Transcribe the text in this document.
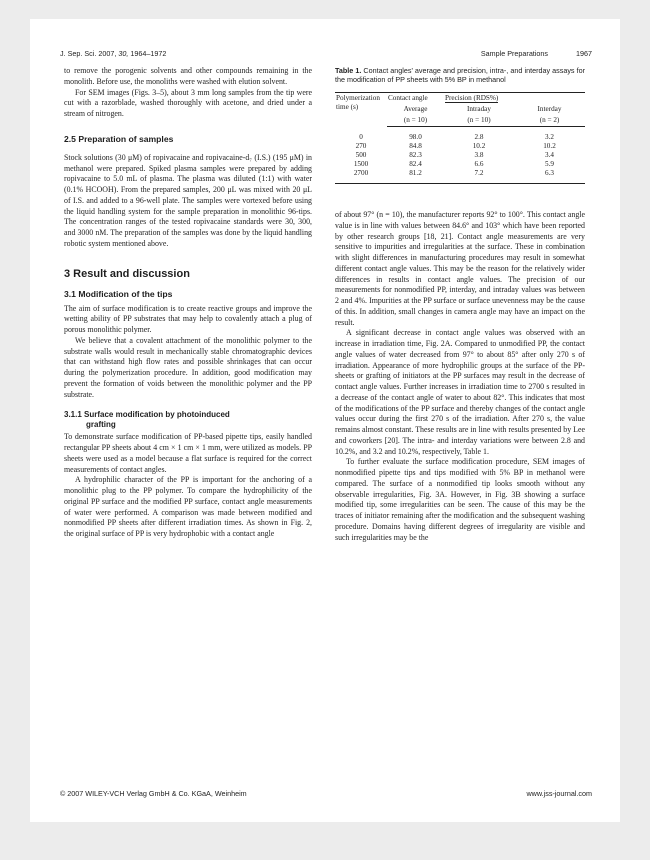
J. Sep. Sci. 2007, 30, 1964–1972	Sample Preparations	1967

to remove the porogenic solvents and other compounds remaining in the monolith. Before use, the monoliths were washed with elution solvent.

For SEM images (Figs. 3–5), about 3 mm long samples from the tip were cut with a razorblade, washed thoroughly with acetone, and dried under a stream of nitrogen.

2.5 Preparation of samples

Stock solutions (30 μM) of ropivacaine and ropivacaine-d₇ (I.S.) (195 μM) in methanol were prepared. Spiked plasma samples were prepared by adding ropivacaine to 5.0 mL of plasma. The plasma was diluted (1:1) with water (0.1% HCOOH). From the prepared samples, 200 μL was mixed with 20 μL of I.S. and added to a 96-well plate. The samples were vortexed before using the liquid handling system for the sample preparation in monolithic 96-tips. The concentration ranges of the tested ropivacaine standards were 30, 300, and 3000 nM. The preparation of the samples was done by the liquid handling robotic system mentioned above.

3 Result and discussion
3.1 Modification of the tips

The aim of surface modification is to create reactive groups and improve the wetting ability of PP substrates that may help to covalently attach a plug of porous monolithic polymer.

We believe that a covalent attachment of the monolithic polymer to the substrate walls would result in mechanically stable chromatographic devices that can withstand high flow rates and possible shrinkages that can occur during the polymerization procedure. In addition, good modification may prevent the formation of voids between the monolithic polymer and the PP substrate.

3.1.1 Surface modification by photoinduced
grafting

To demonstrate surface modification of PP-based pipette tips, easily handled rectangular PP sheets about 4 cm × 1 cm × 1 mm, were utilized as models. PP sheets were used as a model because a flat surface is required for the correct measurements of contact angles.

A hydrophilic character of the PP is important for the anchoring of a monolithic plug to the PP polymer. To compare the hydrophilicity of the original PP surface and the modified PP surface, contact angle measurements of water were performed. A comparison was made between modified and nonmodified PP sheets after different irradiation times. As shown in Fig. 2, the original surface of PP is very hydrophobic with a contact angle

Table 1. Contact angles' average and precision, intra-, and interday assays for the modification of PP sheets with 5% BP in methanol
Polymerization time (s)	Contact angle	Precision (RDS%)	
	Average	Intraday	Interday
	(n = 10)	(n = 10)	(n = 2)
0	98.0	2.8	3.2
270	84.8	10.2	10.2
500	82.3	3.8	3.4
1500	82.4	6.6	5.9
2700	81.2	7.2	6.3

of about 97° (n = 10), the manufacturer reports 92° to 100°. This contact angle value is in line with values between 84.6° and 103° which have been reported by other research groups [18, 21]. Contact angle measurements are very sensitive to impurities and irregularities at the surface. These in combination with slight differences in manufacturing procedures may result in somewhat different contact angle values. This may be the reason for the relatively wider differences in results in contact angle values. The precision of our measurements for nonmodified PP, interday, and intraday values was between 2 and 4%. Impurities at the PP surface or surface unevenness may be the cause of this. In addition, small changes in camera angle may have an impact on the result.

A significant decrease in contact angle values was observed with an increase in irradiation time, Fig. 2A. Compared to unmodified PP, the contact angle values of water decreased from 97° to about 85° after only 270 s of irradiation. Appearance of more hydrophilic groups at the surface of the PP-sheets or grafting of initiators at the PP surfaces may result in the decrease of contact angle values. Further increases in irradiation time to 2700 s resulted in a decrease of the contact angle of water to about 82°. This indicates that most of the modifications of the PP surface and thereby changes of the contact angle values occur during the first 270 s of the irradiation. After 270 s, the value remains almost constant. These results are in line with results presented by Lee and coworkers [20]. The intra- and interday variations were between 2.8 and 10.2%, and 3.2 and 10.2%, respectively, Table 1.

To further evaluate the surface modification procedure, SEM images of nonmodified pipette tips and tips modified with 5% BP in methanol were compared. The surface of a nonmodified tip looks smooth without any observable irregularities, Fig. 3A. However, in Fig. 3B showing a surface modified tip, some irregularities can be seen. The cause of this may be the traces of initiator remaining after the modification and the subsequent washing procedure. Domains having different degrees of irregularity are visible and such irregularities may be the

© 2007 WILEY-VCH Verlag GmbH & Co. KGaA, Weinheim	www.jss-journal.com
